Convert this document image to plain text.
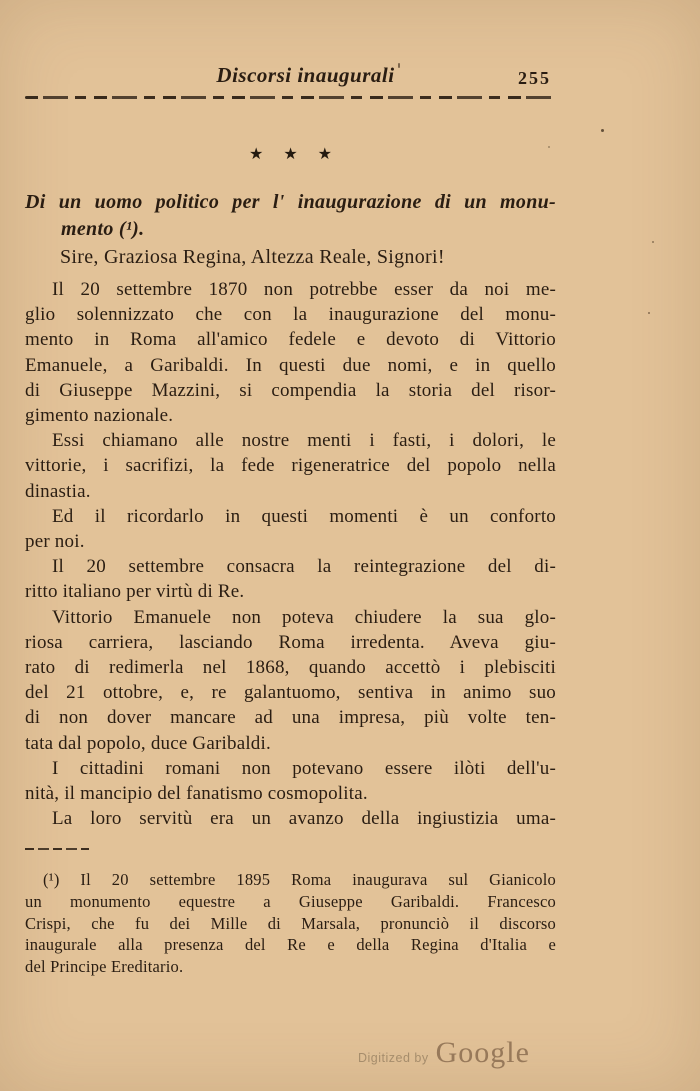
Discorsi inaugurali	255
★ ★ ★
Di un uomo politico per l' inaugurazione di un monu-
mento (¹).
Sire, Graziosa Regina, Altezza Reale, Signori!
Il 20 settembre 1870 non potrebbe esser da noi me-
glio solennizzato che con la inaugurazione del monu-
mento in Roma all'amico fedele e devoto di Vittorio
Emanuele, a Garibaldi. In questi due nomi, e in quello
di Giuseppe Mazzini, si compendia la storia del risor-
gimento nazionale.
Essi chiamano alle nostre menti i fasti, i dolori, le
vittorie, i sacrifizi, la fede rigeneratrice del popolo nella
dinastia.
Ed il ricordarlo in questi momenti è un conforto
per noi.
Il 20 settembre consacra la reintegrazione del di-
ritto italiano per virtù di Re.
Vittorio Emanuele non poteva chiudere la sua glo-
riosa carriera, lasciando Roma irredenta. Aveva giu-
rato di redimerla nel 1868, quando accettò i plebisciti
del 21 ottobre, e, re galantuomo, sentiva in animo suo
di non dover mancare ad una impresa, più volte ten-
tata dal popolo, duce Garibaldi.
I cittadini romani non potevano essere ilòti dell'u-
nità, il mancipio del fanatismo cosmopolita.
La loro servitù era un avanzo della ingiustizia uma-
(¹) Il 20 settembre 1895 Roma inaugurava sul Gianicolo
un monumento equestre a Giuseppe Garibaldi. Francesco
Crispi, che fu dei Mille di Marsala, pronunciò il discorso
inaugurale alla presenza del Re e della Regina d'Italia e
del Principe Ereditario.
Digitized by Google
